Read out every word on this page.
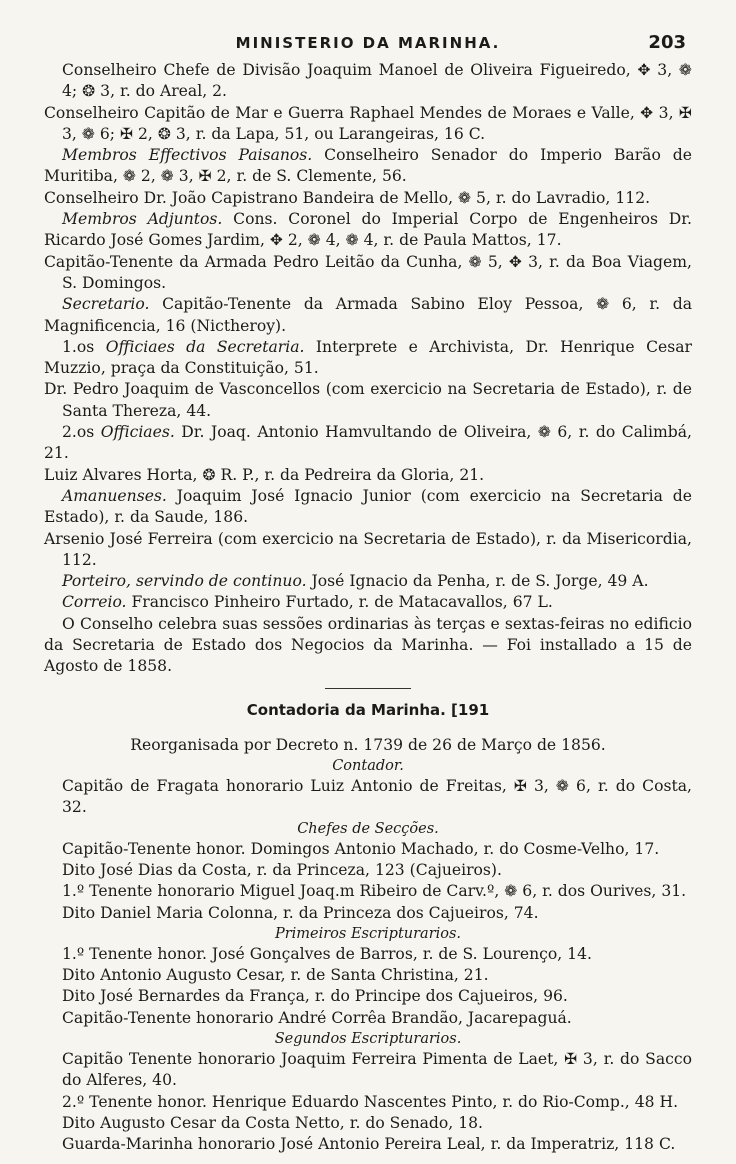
MINISTERIO DA MARINHA.	203

Conselheiro Chefe de Divisão Joaquim Manoel de Oliveira Figueiredo, ✥ 3, ❁ 4; ❂ 3, r. do Areal, 2.

Conselheiro Capitão de Mar e Guerra Raphael Mendes de Moraes e Valle, ✥ 3, ✠ 3, ❁ 6; ✠ 2, ❂ 3, r. da Lapa, 51, ou Larangeiras, 16 C.

Membros Effectivos Paisanos. Conselheiro Senador do Imperio Barão de Muritiba, ❁ 2, ❁ 3, ✠ 2, r. de S. Clemente, 56.

Conselheiro Dr. João Capistrano Bandeira de Mello, ❁ 5, r. do Lavradio, 112.

Membros Adjuntos. Cons. Coronel do Imperial Corpo de Engenheiros Dr. Ricardo José Gomes Jardim, ✥ 2, ❁ 4, ❁ 4, r. de Paula Mattos, 17.

Capitão-Tenente da Armada Pedro Leitão da Cunha, ❁ 5, ✥ 3, r. da Boa Viagem, S. Domingos.

Secretario. Capitão-Tenente da Armada Sabino Eloy Pessoa, ❁ 6, r. da Magnificencia, 16 (Nictheroy).

1.os Officiaes da Secretaria. Interprete e Archivista, Dr. Henrique Cesar Muzzio, praça da Constituição, 51.

Dr. Pedro Joaquim de Vasconcellos (com exercicio na Secretaria de Estado), r. de Santa Thereza, 44.

2.os Officiaes. Dr. Joaq. Antonio Hamvultando de Oliveira, ❁ 6, r. do Calimbá, 21.

Luiz Alvares Horta, ❂ R. P., r. da Pedreira da Gloria, 21.

Amanuenses. Joaquim José Ignacio Junior (com exercicio na Secretaria de Estado), r. da Saude, 186.

Arsenio José Ferreira (com exercicio na Secretaria de Estado), r. da Misericordia, 112.

Porteiro, servindo de continuo. José Ignacio da Penha, r. de S. Jorge, 49 A.

Correio. Francisco Pinheiro Furtado, r. de Matacavallos, 67 L.

O Conselho celebra suas sessões ordinarias às terças e sextas-feiras no edificio da Secretaria de Estado dos Negocios da Marinha. — Foi installado a 15 de Agosto de 1858.

Contadoria da Marinha. [191

Reorganisada por Decreto n. 1739 de 26 de Março de 1856.

Contador.

Capitão de Fragata honorario Luiz Antonio de Freitas, ✠ 3, ❁ 6, r. do Costa, 32.

Chefes de Secções.

Capitão-Tenente honor. Domingos Antonio Machado, r. do Cosme-Velho, 17.

Dito José Dias da Costa, r. da Princeza, 123 (Cajueiros).

1.º Tenente honorario Miguel Joaq.m Ribeiro de Carv.º, ❁ 6, r. dos Ourives, 31.

Dito Daniel Maria Colonna, r. da Princeza dos Cajueiros, 74.

Primeiros Escripturarios.

1.º Tenente honor. José Gonçalves de Barros, r. de S. Lourenço, 14.

Dito Antonio Augusto Cesar, r. de Santa Christina, 21.

Dito José Bernardes da França, r. do Principe dos Cajueiros, 96.

Capitão-Tenente honorario André Corrêa Brandão, Jacarepaguá.

Segundos Escripturarios.

Capitão Tenente honorario Joaquim Ferreira Pimenta de Laet, ✠ 3, r. do Sacco do Alferes, 40.

2.º Tenente honor. Henrique Eduardo Nascentes Pinto, r. do Rio-Comp., 48 H.

Dito Augusto Cesar da Costa Netto, r. do Senado, 18.

Guarda-Marinha honorario José Antonio Pereira Leal, r. da Imperatriz, 118 C.
